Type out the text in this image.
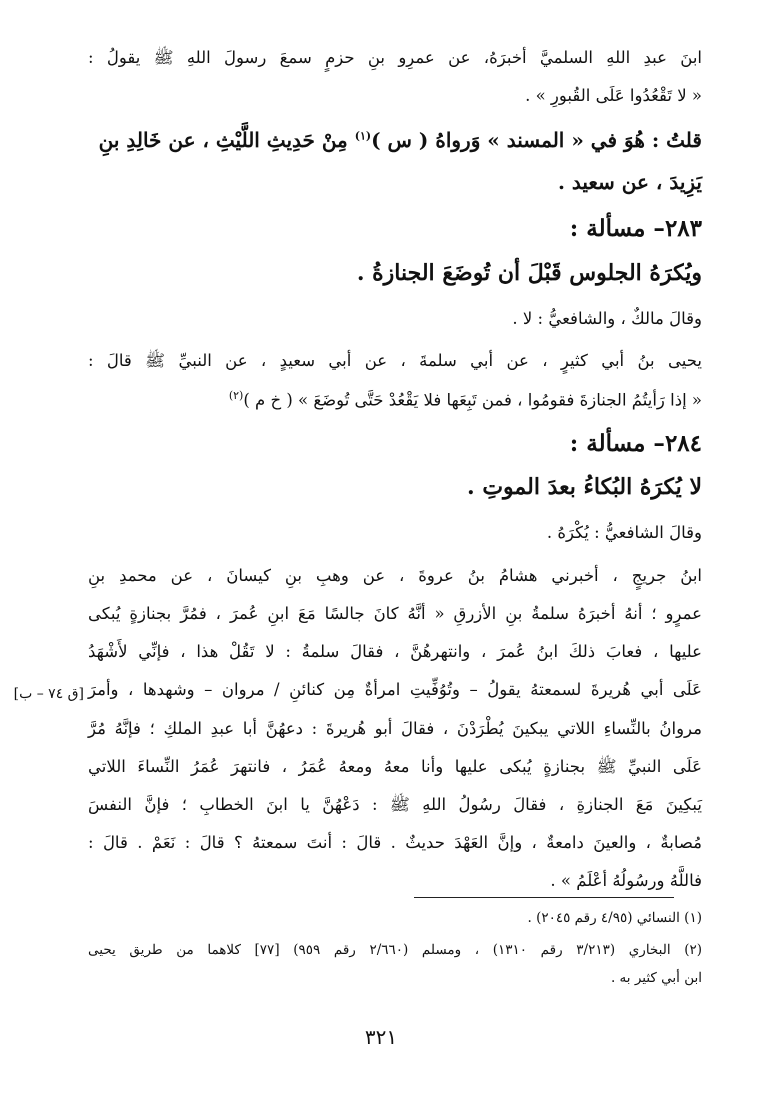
ابنَ عبدِ اللهِ السلميَّ أخبرَهُ، عن عمرِو بنِ حزمٍ سمعَ رسولَ اللهِ ﷺ يقولُ :
« لا تَقْعُدُوا عَلَى القُبورِ » .
قلتُ : هُوَ في « المسند » وَرواهُ ( س )$^{(١)}$ مِنْ حَدِيثِ اللَّيْثِ ، عن خَالِدِ بنِ
يَزِيدَ ، عن سعيد .
٢٨٣– مسألة :
ويُكرَهُ الجلوس قَبْلَ أن تُوضَعَ الجنازةُ .
وقالَ مالكٌ ، والشافعيُّ : لا .
يحيى بنُ أبي كثيرٍ ، عن أبي سلمةَ ، عن أبي سعيدٍ ، عن النبيِّ ﷺ قالَ :
« إذا رَأيتُمُ الجنازةَ فقومُوا ، فمن تَبِعَها فلا يَقْعُدْ حَتَّى تُوضَعَ » ( خ م )$^{(٢)}$
٢٨٤– مسألة :
لا يُكرَهُ البُكاءُ بعدَ الموتِ .
وقالَ الشافعيُّ : يُكْرَهُ .
ابنُ جريجٍ ، أخبرني هشامُ بنُ عروةَ ، عن وهبِ بنِ كيسانَ ، عن محمدِ بنِ
عمرٍو ؛ أنهُ أخبرَهُ سلمةُ بنِ الأزرقِ « أنَّهُ كانَ جالسًا مَعَ ابنِ عُمرَ ، فمُرَّ بجنازةٍ يُبكى
عليها ، فعابَ ذلكَ ابنُ عُمرَ ، وانتهرهُنَّ ، فقالَ سلمةُ : لا تَقُلْ هذا ، فإنِّي لأَشْهَدُ
عَلَى أبي هُريرةَ لسمعتهُ يقولُ – وتُوُفِّيتِ امرأةٌ مِن كنائنِ / مروان – وشهدها ، وأمرَ
[ق ٧٤ – ب]
مروانُ بالنِّساءِ اللاتي يبكينَ يُطْرَدْنَ ، فقالَ أبو هُريرةَ : دعهُنَّ أبا عبدِ الملكِ ؛ فإنَّهُ مُرَّ
عَلَى النبيِّ ﷺ بجنازةٍ يُبكى عليها وأنا معهُ ومعهُ عُمَرُ ، فانتهرَ عُمَرُ النِّساءَ اللاتي
يَبكِينَ مَعَ الجنازةِ ، فقالَ رسُولُ اللهِ ﷺ : دَعْهُنَّ يا ابنَ الخطابِ ؛ فإنَّ النفسَ
مُصابةٌ ، والعينَ دامعةٌ ، وإنَّ العَهْدَ حديثٌ . قالَ : أنتَ سمعتهُ ؟ قالَ : نَعَمْ . قالَ :
فاللَّهُ ورسُولُهُ أعْلَمُ » .
(١) النسائي (٤/٩٥ رقم ٢٠٤٥) .
(٢) البخاري (٣/٢١٣ رقم ١٣١٠) ، ومسلم (٢/٦٦٠ رقم ٩٥٩) [٧٧] كلاهما من طريق يحيى
ابن أبي كثير به .
٣٢١
